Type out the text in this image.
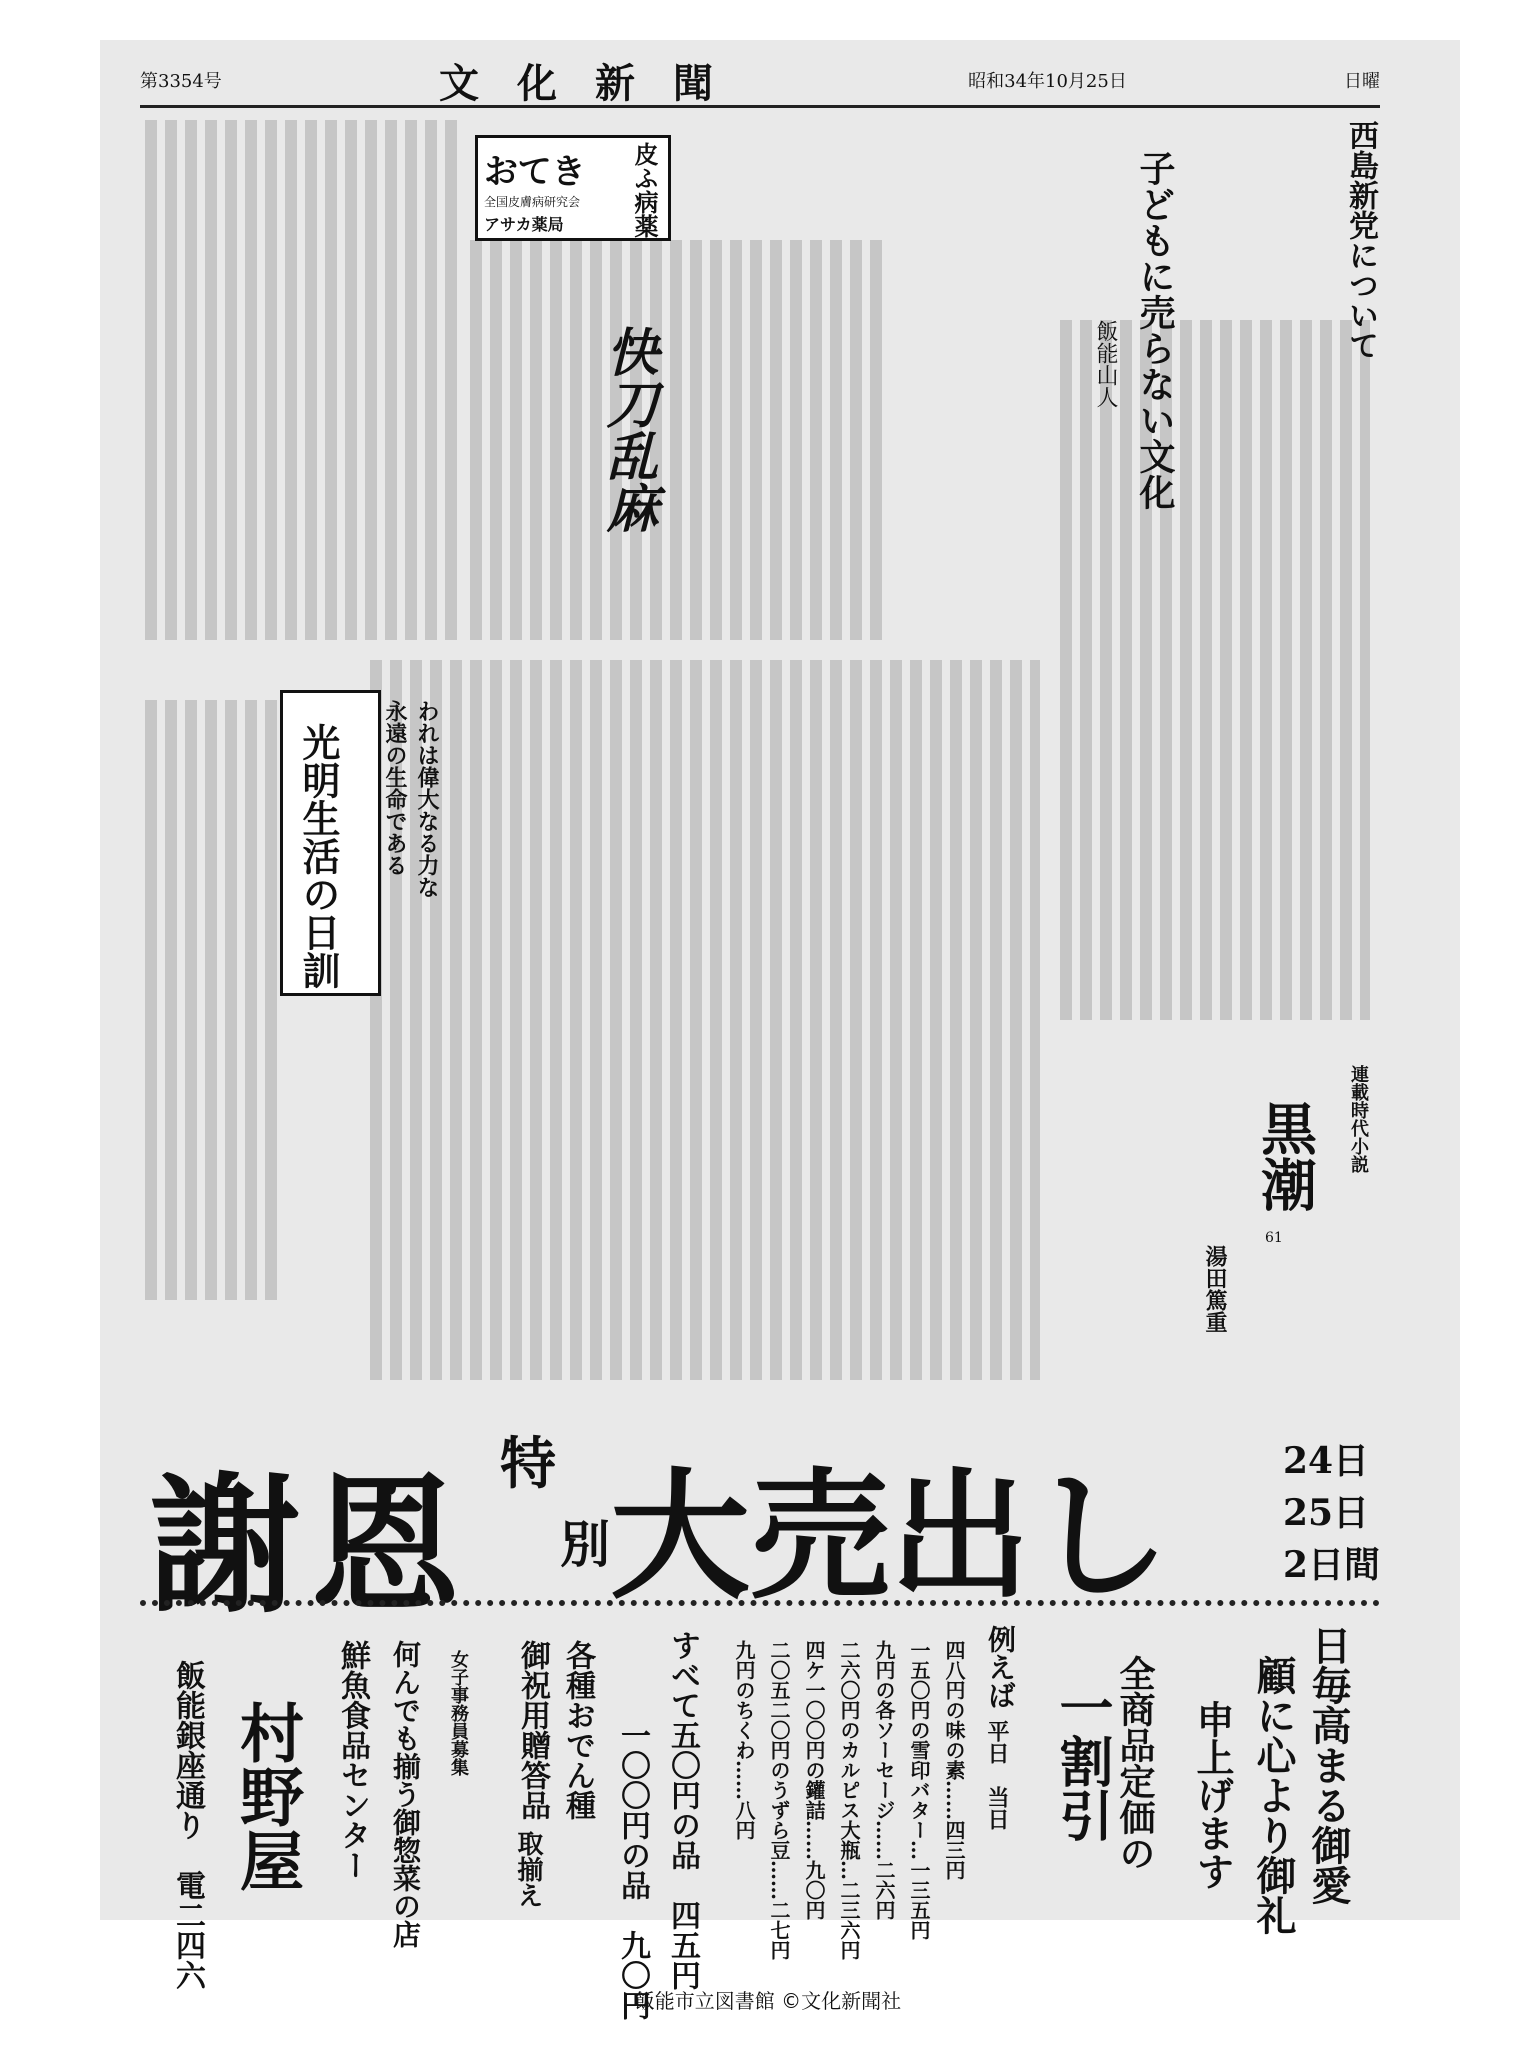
第3354号	文化新聞	昭和34年10月25日	日曜
西島新党について
子どもに売らない文化
飯能山人
おてき 皮ふ病薬
全国皮膚病研究会
アサカ薬局
快刀乱麻
光明生活の日訓	われは偉大なる力な
永遠の生命である
連載時代小説
黒潮
湯田篤重
61
謝恩 特
別 大売出し	24日
25日
2日間
日毎高まる御愛
顧に心より御礼
申上げます
全商品定価の
一割引
例えば
平日　当日
四八円の味の素……四三円
一五〇円の雪印バター…一三五円
九円の各ソーセージ……二六円
二六〇円のカルピス大瓶…二三六円
四ケ一〇〇円の鑵詰……九〇円
二〇五二〇円のうずら豆……二七円
九円のちくわ……八円
すべて
五〇円の品　四五円
一〇〇円の品　九〇円
各種おでん種
御祝用贈答品
取揃え
女子事務員募集
何んでも揃う御惣菜の店
鮮魚食品センター
村野屋
飯能銀座通り　電二四六
飯能市立図書館 ©文化新聞社
